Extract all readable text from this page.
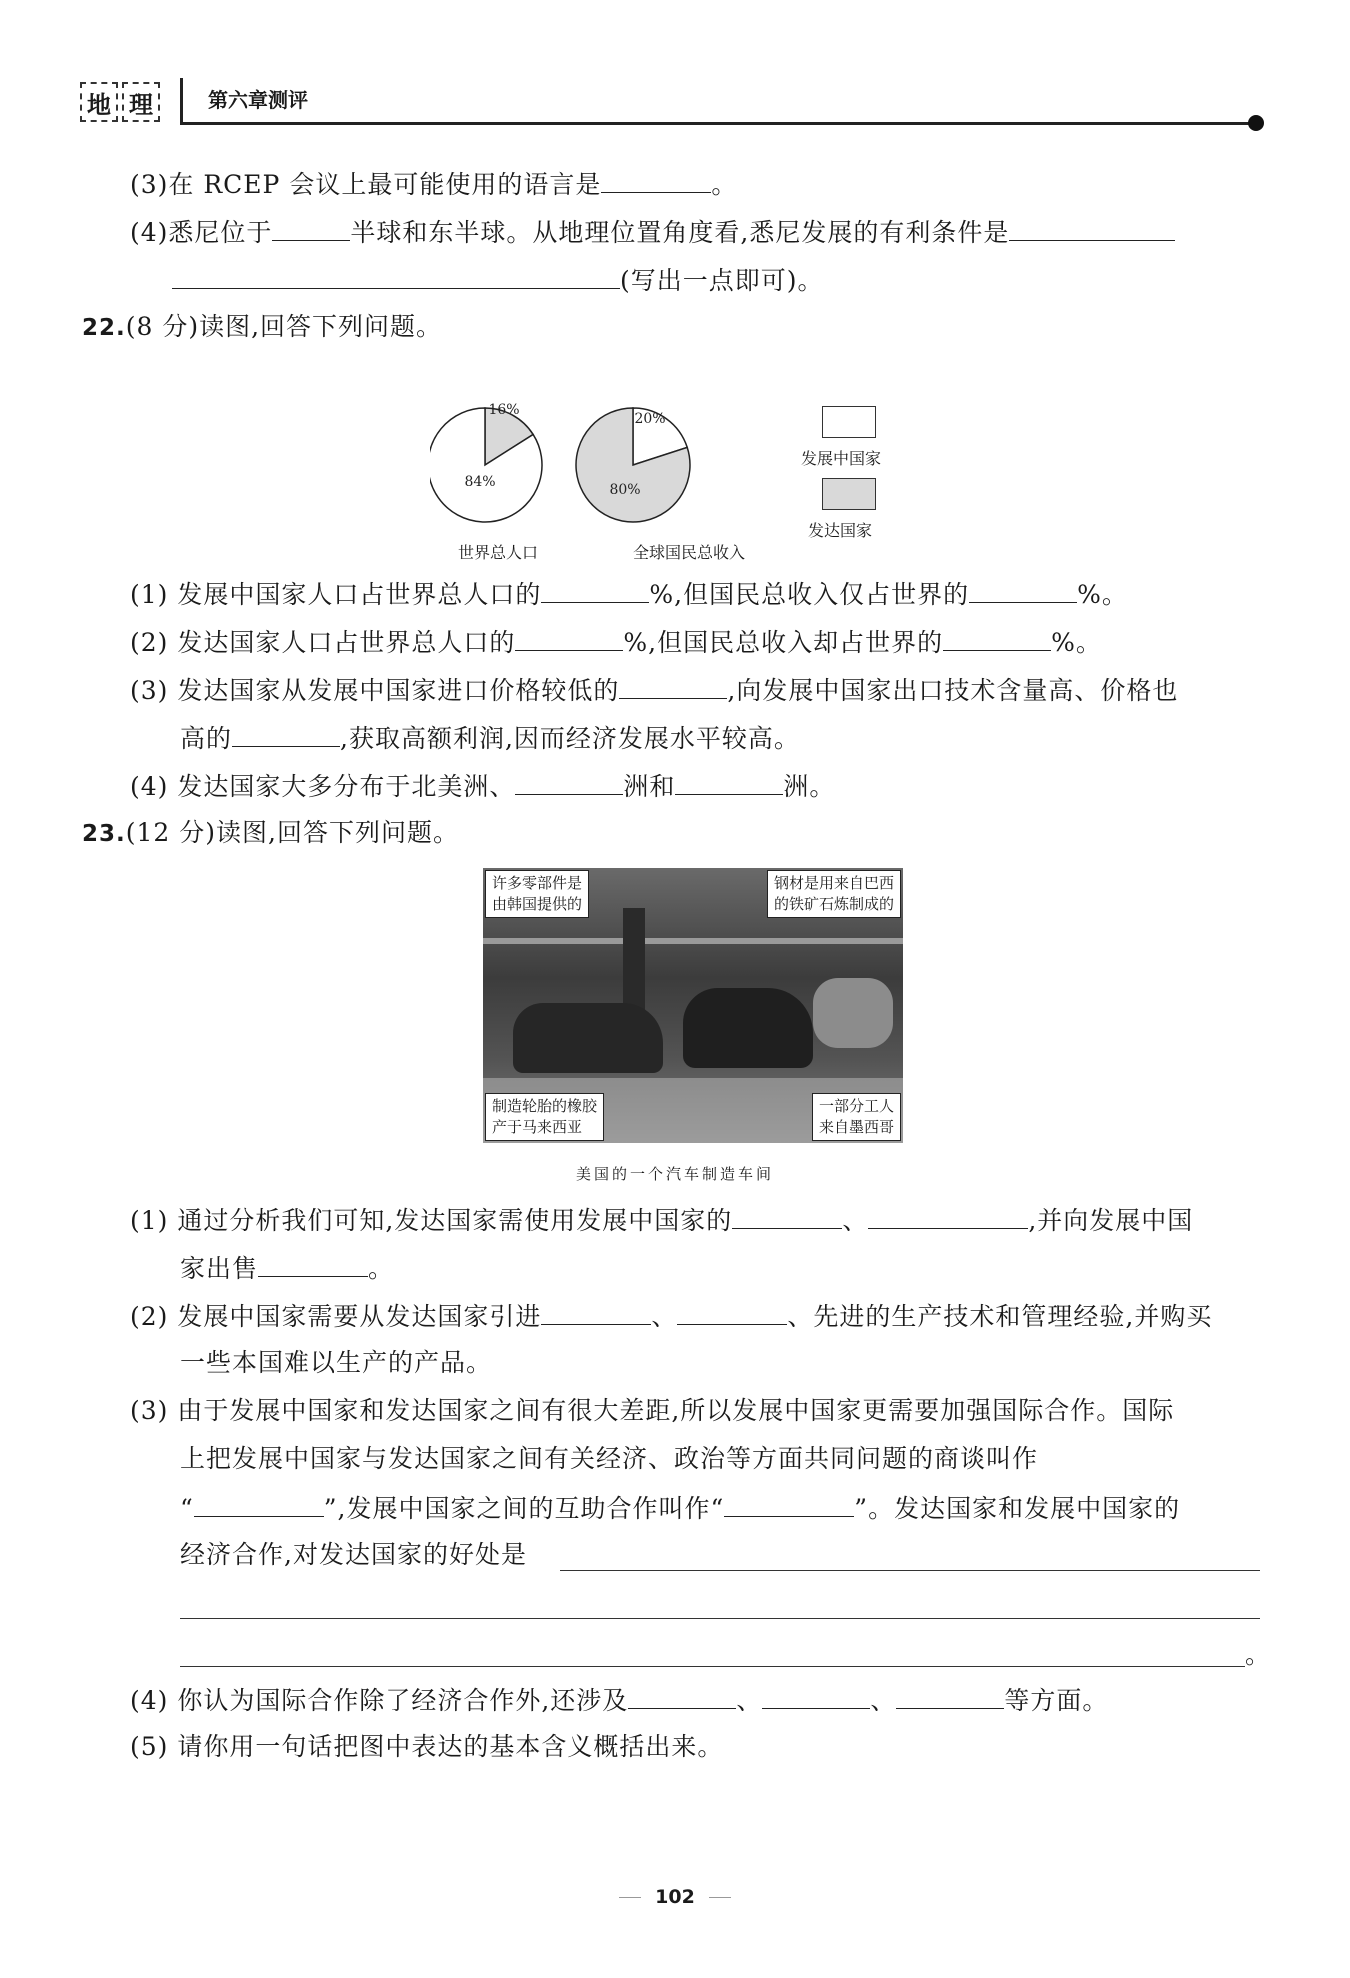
地 理	第六章测评
(3)在 RCEP 会议上最可能使用的语言是	。
(4)悉尼位于	半球和东半球。从地理位置角度看,悉尼发展的有利条件是
(写出一点即可)。
22.(8 分)读图,回答下列问题。
16%
84%
20%
80%
世界总人口	全球国民总收入
发展中国家
发达国家
(1) 发展中国家人口占世界总人口的	%,但国民总收入仅占世界的	%。
(2) 发达国家人口占世界总人口的	%,但国民总收入却占世界的	%。
(3) 发达国家从发展中国家进口价格较低的	,向发展中国家出口技术含量高、价格也
高的	,获取高额利润,因而经济发展水平较高。
(4) 发达国家大多分布于北美洲、	洲和	洲。
23.(12 分)读图,回答下列问题。
许多零部件是
由韩国提供的
钢材是用来自巴西
的铁矿石炼制成的
制造轮胎的橡胶
产于马来西亚
一部分工人
来自墨西哥
美国的一个汽车制造车间
(1) 通过分析我们可知,发达国家需使用发展中国家的	、	,并向发展中国
家出售	。
(2) 发展中国家需要从发达国家引进	、	、先进的生产技术和管理经验,并购买
一些本国难以生产的产品。
(3) 由于发展中国家和发达国家之间有很大差距,所以发展中国家更需要加强国际合作。国际
上把发展中国家与发达国家之间有关经济、政治等方面共同问题的商谈叫作
“	”,发展中国家之间的互助合作叫作“	”。发达国家和发展中国家的
经济合作,对发达国家的好处是
。
(4) 你认为国际合作除了经济合作外,还涉及	、	、	等方面。
(5) 请你用一句话把图中表达的基本含义概括出来。
102
